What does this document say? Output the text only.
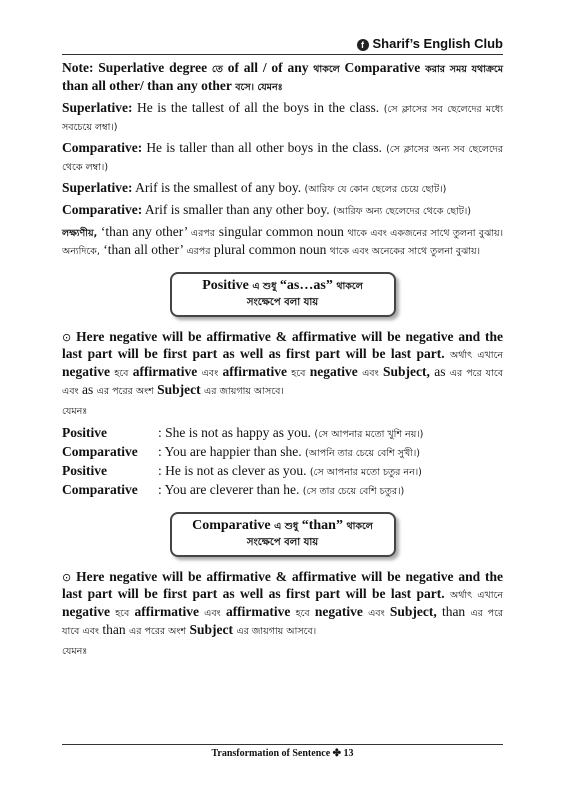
f Sharif’s English Club

Note: Superlative degree তে of all / of any থাকলে Comparative করার সময় যথাক্রমে than all other/ than any other বসে। যেমনঃ

Superlative: He is the tallest of all the boys in the class. (সে ক্লাসের সব ছেলেদের মধ্যে সবচেয়ে লম্বা।)

Comparative: He is taller than all other boys in the class. (সে ক্লাসের অন্য সব ছেলেদের থেকে লম্বা।)

Superlative: Arif is the smallest of any boy. (আরিফ যে কোন ছেলের চেয়ে ছোট।)

Comparative: Arif is smaller than any other boy. (আরিফ অন্য ছেলেদের থেকে ছোট।)

লক্ষ্যণীয়, ‘than any other’ এরপর singular common noun থাকে এবং একজনের সাথে তুলনা বুঝায়। অন্যদিকে, ‘than all other’ এরপর plural common noun থাকে এবং অনেকের সাথে তুলনা বুঝায়।

Positive এ শুধু “as…as” থাকলে
সংক্ষেপে বলা যায়

⊙ Here negative will be affirmative & affirmative will be negative and the last part will be first part as well as first part will be last part. অর্থাৎ এখানে negative হবে affirmative এবং affirmative হবে negative এবং Subject, as এর পরে যাবে এবং as এর পরের অংশ Subject এর জায়গায় আসবে।

যেমনঃ

Positive	: She is not as happy as you. (সে আপনার মতো খুশি নয়।)
Comparative	: You are happier than she. (আপনি তার চেয়ে বেশি সুখী।)
Positive	: He is not as clever as you. (সে আপনার মতো চতুর নন।)
Comparative	: You are cleverer than he. (সে তার চেয়ে বেশি চতুর।)
Comparative এ শুধু “than” থাকলে
সংক্ষেপে বলা যায়

⊙ Here negative will be affirmative & affirmative will be negative and the last part will be first part as well as first part will be last part. অর্থাৎ এখানে negative হবে affirmative এবং affirmative হবে negative এবং Subject, than এর পরে যাবে এবং than এর পরের অংশ Subject এর জায়গায় আসবে।

যেমনঃ

Transformation of Sentence ✤ 13
